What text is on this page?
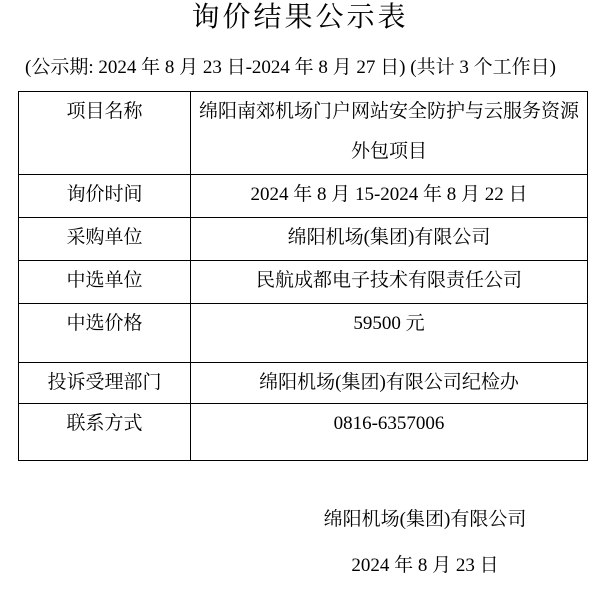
询价结果公示表
(公示期: 2024 年 8 月 23 日-2024 年 8 月 27 日) (共计 3 个工作日)
项目名称	绵阳南郊机场门户网站安全防护与云服务资源
外包项目

询价时间	2024 年 8 月 15-2024 年 8 月 22 日
采购单位	绵阳机场(集团)有限公司
中选单位	民航成都电子技术有限责任公司
中选价格	59500 元
投诉受理部门	绵阳机场(集团)有限公司纪检办
联系方式	0816-6357006
绵阳机场(集团)有限公司
2024 年 8 月 23 日
